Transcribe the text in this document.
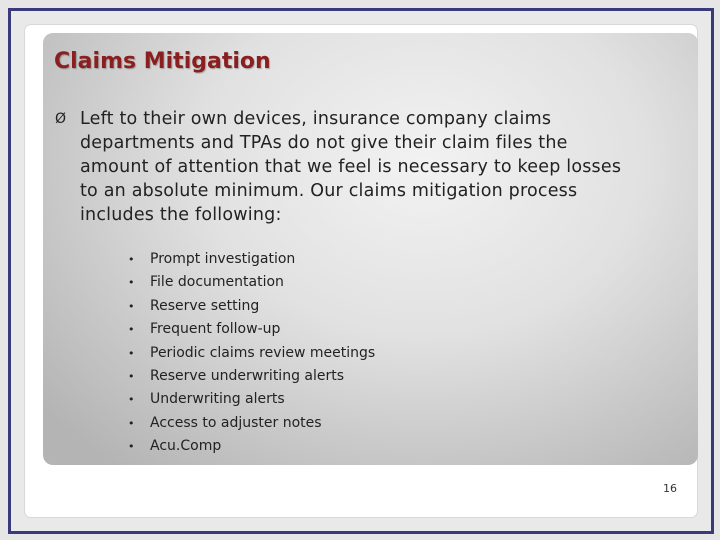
Claims Mitigation
Ø Left to their own devices, insurance company claims departments and TPAs do not give their claim files the amount of attention that we feel is necessary to keep losses to an absolute minimum. Our claims mitigation process includes the following:
• Prompt investigation
• File documentation
• Reserve setting
• Frequent follow-up
• Periodic claims review meetings
• Reserve underwriting alerts
• Underwriting alerts
• Access to adjuster notes
• Acu.Comp
16
